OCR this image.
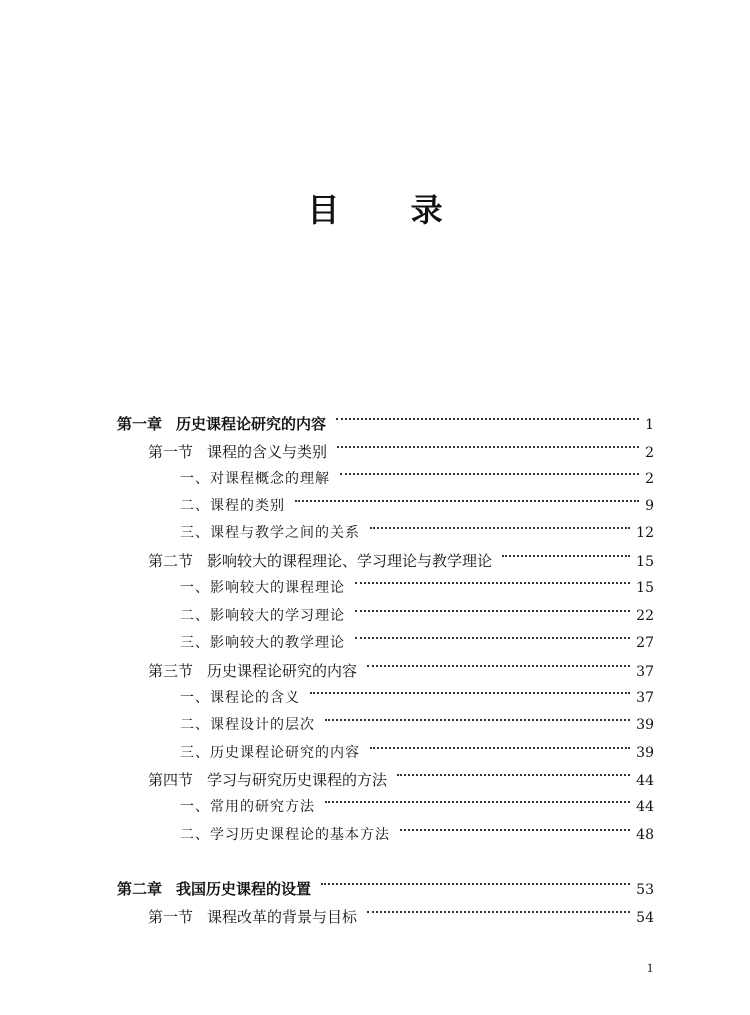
目 录
第一章 历史课程论研究的内容	1
第一节 课程的含义与类别	2
一、 对课程概念的理解	2
二、 课程的类别	9
三、 课程与教学之间的关系	12
第二节 影响较大的课程理论、学习理论与教学理论	15
一、 影响较大的课程理论	15
二、 影响较大的学习理论	22
三、 影响较大的教学理论	27
第三节 历史课程论研究的内容	37
一、 课程论的含义	37
二、 课程设计的层次	39
三、 历史课程论研究的内容	39
第四节 学习与研究历史课程的方法	44
一、 常用的研究方法	44
二、 学习历史课程论的基本方法	48
第二章 我国历史课程的设置	53
第一节 课程改革的背景与目标	54
1
